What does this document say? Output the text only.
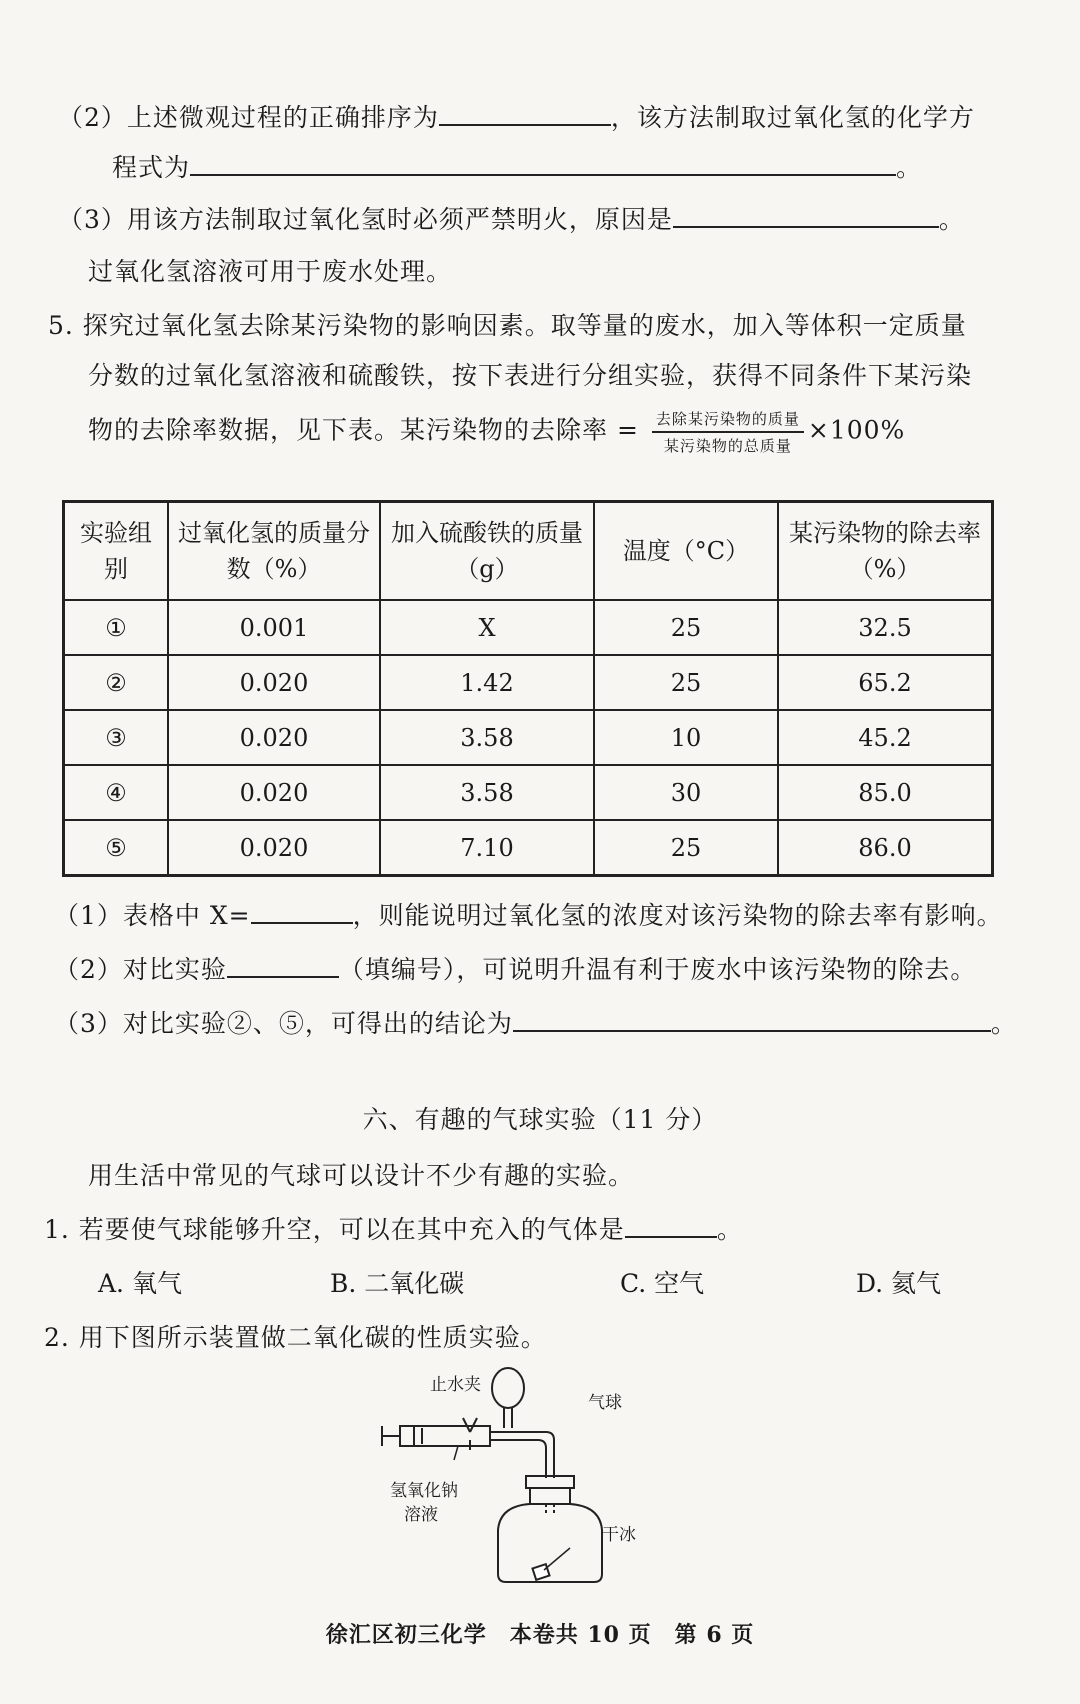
（2）上述微观过程的正确排序为	，该方法制取过氧化氢的化学方
程式为	。
（3）用该方法制取过氧化氢时必须严禁明火，原因是	。
过氧化氢溶液可用于废水处理。
5. 探究过氧化氢去除某污染物的影响因素。取等量的废水，加入等体积一定质量
分数的过氧化氢溶液和硫酸铁，按下表进行分组实验，获得不同条件下某污染
物的去除率数据，见下表。某污染物的去除率 = $\frac{\text{去除某污染物的质量}}{\text{某污染物的总质量}} \times 100\%$
实验组别	过氧化氢的质量分数（%）	加入硫酸铁的质量（g）	温度（°C）	某污染物的除去率（%）
①	0.001	X	25	32.5
②	0.020	1.42	25	65.2
③	0.020	3.58	10	45.2
④	0.020	3.58	30	85.0
⑤	0.020	7.10	25	86.0
（1）表格中 X=	，则能说明过氧化氢的浓度对该污染物的除去率有影响。
（2）对比实验	（填编号），可说明升温有利于废水中该污染物的除去。
（3）对比实验②、⑤，可得出的结论为	。
六、有趣的气球实验（11 分）
用生活中常见的气球可以设计不少有趣的实验。
1. 若要使气球能够升空，可以在其中充入的气体是	。
A. 氧气	B. 二氧化碳	C. 空气	D. 氦气
2. 用下图所示装置做二氧化碳的性质实验。
止水夹
气球
氢氧化钠
溶液
干冰
徐汇区初三化学　本卷共 10 页　第 6 页
